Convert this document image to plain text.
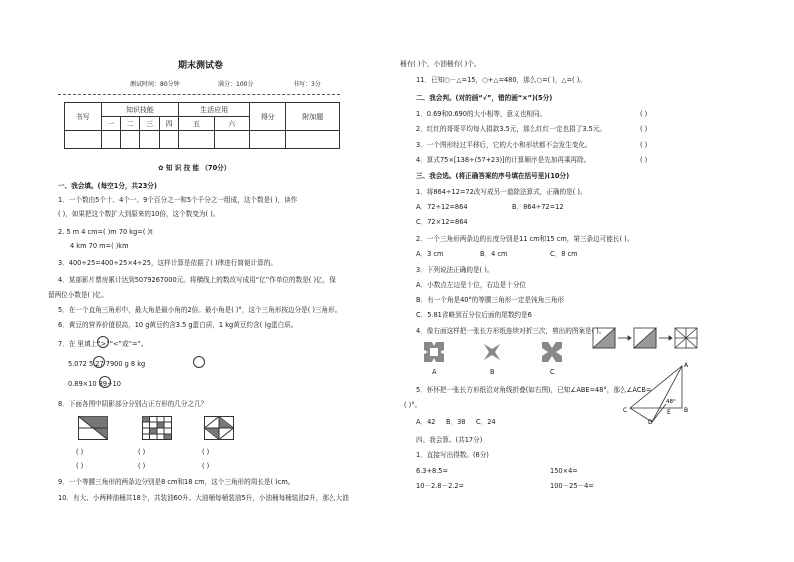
期末测试卷
测试时间：80分钟	满分：100分	书写：3分
书写	知识技能				生活应用		得分	附加题
	一	二	三	四	五	六		

✿ 知 识 技 能 （70分）
一、我会填。(每空1分，共23分)
1．一个数由5个十、4个一、9个百分之一和5个千分之一组成，这个数是( )，读作
( )，如果把这个数扩大到原来的10倍，这个数变为( )。
2. 5 m 4 cm=( )m 70 kg=( )t
4 km 70 m=( )km
3．400÷25=400÷25×4÷25，这样计算是依据了( )律进行简便计算的。
4．某部影片票房累计达到5079267000元。将横线上的数改写成用“亿”作单位的数是( )亿，保
留两位小数是( )亿。
5．在一个直角三角形中，最大角是最小角的2倍。最小角是( )°，这个三角形按边分是( )三角形。
6．黄豆的营养价值很高，10 g黄豆约含3.5 g蛋白质，1 kg黄豆约含( )g蛋白质。
7．在 里填上“>”“<”或“=”。
5.072 5.27 7900 g 8 kg
0.89×10 89÷10
8．下面各图中阴影部分分别占正方形的几分之几？
( )
( )
( )
( )
( )
( )
9．一个等腰三角形的两条边分别是8 cm和18 cm，这个三角形的周长是( )cm。
10．有大、小两种油桶共18个，共装油60升。大油桶每桶装油5升，小油桶每桶装油2升，那么大油
桶有( )个，小油桶有( )个。
11．已知○－△=15，○+△=480，那么○=( )，△=( )。
二、我会判。(对的画“√”，错的画“×”)(5分)
1．0.69和0.690的大小相等，意义也相同。
2．红红的哥哥平均每人捐款3.5元，那么红红一定也捐了3.5元。
3．一个图形经过平移后，它的大小和形状都不会发生变化。
4．算式75×[138÷(57+23)]的计算顺序是先加再乘再除。
( )
( )
( )
( )
三、我会选。(将正确答案的序号填在括号里)(10分)
1．将864÷12=72改写成另一道除法算式，正确的是( )。
A．72÷12=864	B．864÷72=12
C．72×12=864
2．一个三角形两条边的长度分别是11 cm和15 cm，第三条边可能长( )。
A．3 cm	B．4 cm	C．8 cm
3．下列说法正确的是( )。
A．小数点左边是十位，右边是十分位
B．有一个角是40°的等腰三角形一定是钝角三角形
C．5.81省略到百分位后面的尾数约是6
4．像右面这样把一张长方形纸连续对折三次，剪出的图案是( )。
A	B	C
5．怀怀把一张长方形纸沿对角线折叠(如右图)，已知∠ABE=48°，那么∠ACB=
( )°。
A．42 B．38 C．24
A
B
C
D
E
48°
四、我会算。(共17分)
1．直接写出得数。(8分)
6.3+8.5=	150×4=
10－2.8－2.2=	100－25－4=
